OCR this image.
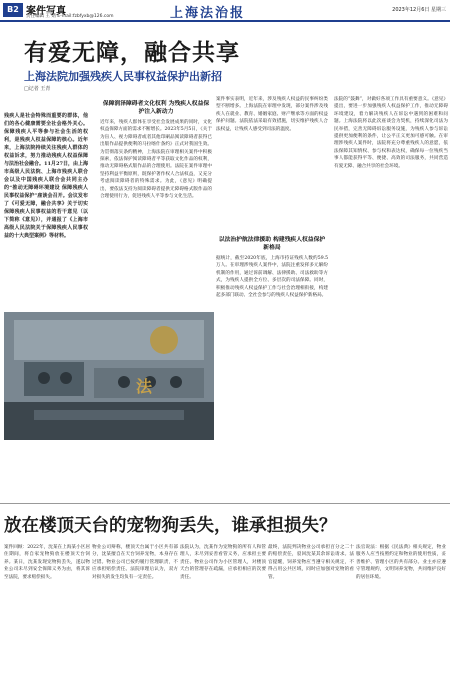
B2 案件写真
责任编辑 王 婧 E-mail:fzbfyxb@126.com	上海法治报	2023年12月6日 星期三
有爱无障，融合共享
上海法院加强残疾人民事权益保护出新招
□记者 王青
残疾人是社会特殊而重要的群体，他们的各心健康需要全社会格外关心。保障残疾人平等参与社会生活的权利，是残疾人权益保障的核心。近年来，上海法院持续关注残疾人群体的权益诉求，努力推动残疾人权益保障与法治社会融合。11月27日，由上海市高级人民法院、上海市残疾人联合会以及中国残疾人联合会共同主办的“推动无障碍环境建设 保障残疾人民事权益保护”座谈会召开。会议发布了《可爱无障，融合共享》关于切实保障残疾人民事权益的若干意见（以下简称《意见》），并通报了《上海市高级人民法院关于保障残疾人民事权益的十大典型案例》等材料。
保障润泽障碍者文化权利 为残疾人权益保护注入新动力
近年来，残疾人群体在享受社会发展成果的同时，文化权益保障方面的需求不断增长。2023年5月5日，《关于为盲人、视力障碍者或者其他印刷品阅读障碍者获得已出版作品提供便利的马拉喀什条约》正式对我国生效。为贯彻落实条约精神，上海法院在审理相关案件中积极探索，依法保护阅读障碍者平等获取文化作品的权利，推动无障碍格式版作品的合理使用。法院在案件审理中坚持利益平衡原则，既保护著作权人合法权益，又充分考虑阅读障碍者的特殊需求。为此，《意见》明确提出，要依法支持为阅读障碍者提供无障碍格式版作品的合理使用行为，促进残疾人平等参与文化生活。
案件事实表明，近年来，涉及残疾人权益的民事纠纷类型不断增多。上海法院在审理中发现，部分案件涉及残疾人在就业、教育、婚姻家庭、财产继承等方面的权益保护问题。法院依法采取有效措施，切实维护残疾人合法权益，让残疾人感受到司法的温度。
以法治护航法律援助 构建残疾人权益保护新格局
据统计，截至2020年底，上海市持证残疾人数约59.5万人。在审理涉残疾人案件中，法院注重发挥多元解纷机制的作用，通过诉前调解、法律援助、司法救助等方式，为残疾人提供全方位、多层次的司法保障。同时，积极推动残疾人权益保护工作与社会治理相衔接，构建起多部门联动、全社会参与的残疾人权益保护新格局。
法院的“鼓舞”，对做好各项工作具有重要意义。《意见》提出，要进一步加强残疾人权益保护工作，推动无障碍环境建设，着力解决残疾人在诉讼中遇到的困难和问题。上海法院将以此次座谈会为契机，持续深化司法为民举措，完善无障碍诉讼服务设施，为残疾人参与诉讼提供更加便利的条件，让公平正义更加可感可触。在审理涉残疾人案件时，法院将充分尊重残疾人的意愿，依法保障其知情权、参与权和表达权，确保每一位残疾当事人都能获得平等、便捷、高效的司法服务，共同营造有爱无障、融合共享的社会环境。
法
放在楼顶天台的宠物狗丢失，谁承担损失？
案件回顾：2022年，沈某在上海某小区居住期间，将自家宠物狗放在楼顶天台饲养。某日，沈某发现宠物狗丢失，遂以物业公司未尽到安全保障义务为由，将其诉至法院，要求赔偿损失。
物业公司辩称，楼顶天台属于小区共有部分，沈某擅自在天台饲养宠物，本身存在过错。物业公司已按约履行管理职责，不应承担赔偿责任。法院审理后认为，双方对损失的发生均负有一定责任。
法院认为，沈某作为宠物狗的所有人和管理人，未尽到妥善看管义务，应承担主要责任。物业公司作为小区管理人，对楼顶天台的管理存在疏漏，应承担相应的次要责任。
最终，法院判决物业公司承担百分之二十的赔偿责任，驳回沈某其余诉讼请求。法官提醒，饲养宠物应当遵守相关规定，不得占用公共区域，同时应加强对宠物的看管。
法官说法：根据《民法典》相关规定，物业服务人应当按照约定和物业的使用性质，妥善维护、管理小区的共有部分。业主亦应遵守管理规约，文明饲养宠物，共同维护良好的居住环境。
